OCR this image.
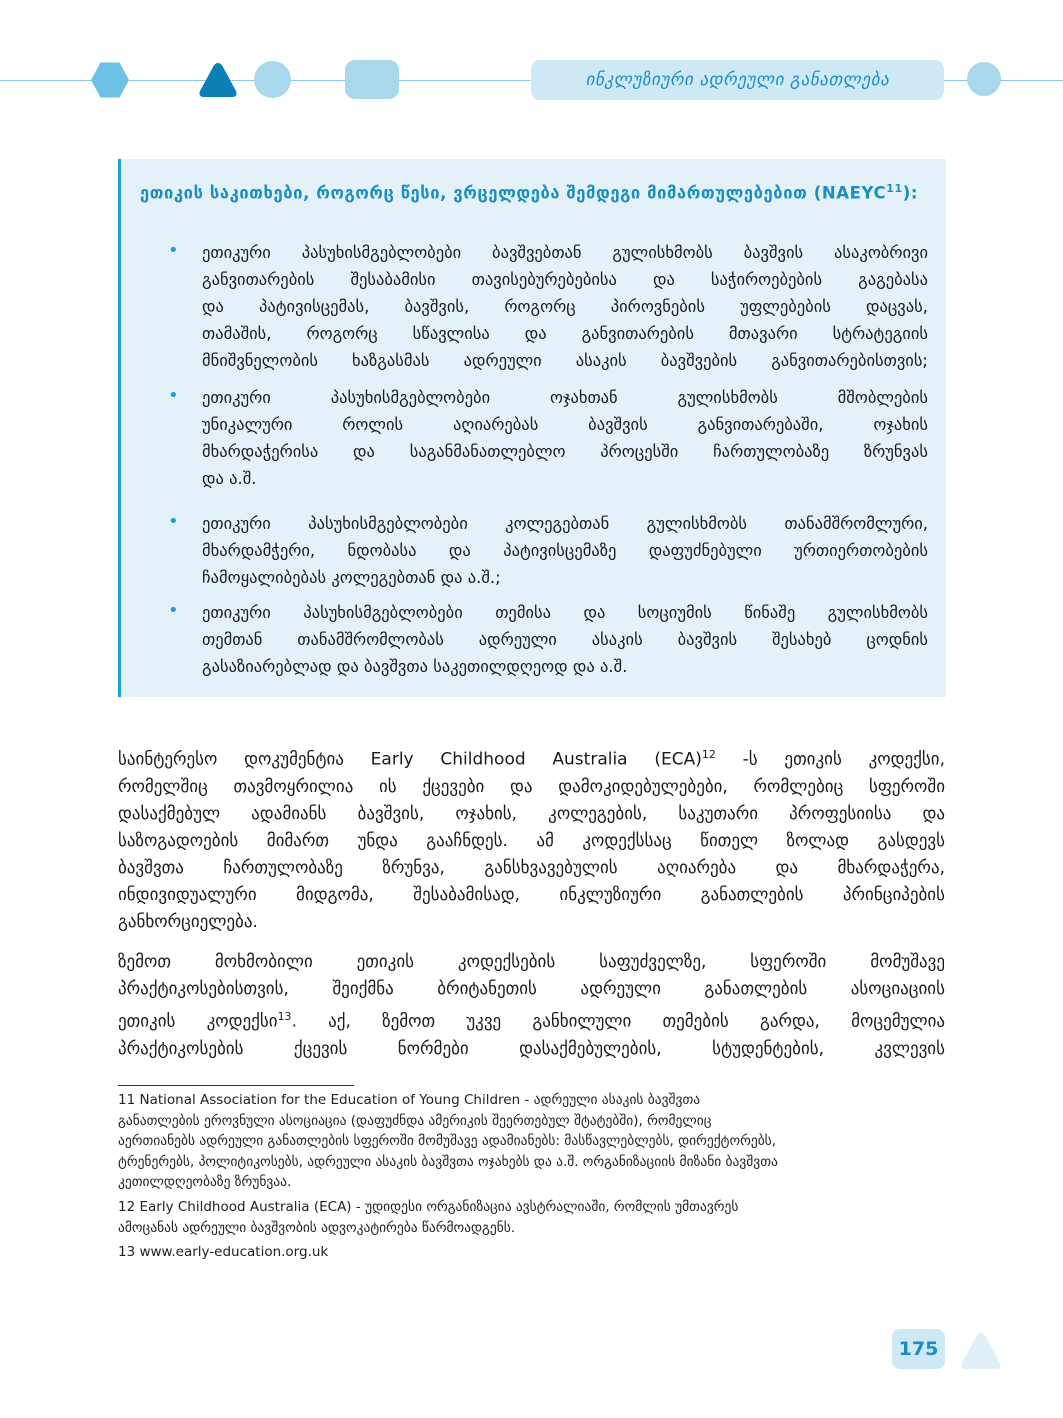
ინკლუზიური ადრეული განათლება
ეთიკის საკითხები, როგორც წესი, ვრცელდება შემდეგი მიმართულებებით (NAEYC$^{11}$):
• ეთიკური პასუხისმგებლობები ბავშვებთან გულისხმობს ბავშვის ასაკობრივი
განვითარების შესაბამისი თავისებურებებისა და საჭიროებების გაგებასა
და პატივისცემას, ბავშვის, როგორც პიროვნების უფლებების დაცვას,
თამაშის, როგორც სწავლისა და განვითარების მთავარი სტრატეგიის
მნიშვნელობის ხაზგასმას ადრეული ასაკის ბავშვების განვითარებისთვის;
• ეთიკური პასუხისმგებლობები ოჯახთან გულისხმობს მშობლების
უნიკალური როლის აღიარებას ბავშვის განვითარებაში, ოჯახის
მხარდაჭერისა და საგანმანათლებლო პროცესში ჩართულობაზე ზრუნვას
და ა.შ.
• ეთიკური პასუხისმგებლობები კოლეგებთან გულისხმობს თანამშრომლური,
მხარდამჭერი, ნდობასა და პატივისცემაზე დაფუძნებული ურთიერთობების
ჩამოყალიბებას კოლეგებთან და ა.შ.;
• ეთიკური პასუხისმგებლობები თემისა და სოციუმის წინაშე გულისხმობს
თემთან თანამშრომლობას ადრეული ასაკის ბავშვის შესახებ ცოდნის
გასაზიარებლად და ბავშვთა საკეთილდღეოდ და ა.შ.
საინტერესო დოკუმენტია Early Childhood Australia (ECA)$^{12}$ -ს ეთიკის კოდექსი,
რომელშიც თავმოყრილია ის ქცევები და დამოკიდებულებები, რომლებიც სფეროში
დასაქმებულ ადამიანს ბავშვის, ოჯახის, კოლეგების, საკუთარი პროფესიისა და
საზოგადოების მიმართ უნდა გააჩნდეს. ამ კოდექსსაც წითელ ზოლად გასდევს
ბავშვთა ჩართულობაზე ზრუნვა, განსხვავებულის აღიარება და მხარდაჭერა,
ინდივიდუალური მიდგომა, შესაბამისად, ინკლუზიური განათლების პრინციპების
განხორციელება.
ზემოთ მოხმობილი ეთიკის კოდექსების საფუძველზე, სფეროში მომუშავე
პრაქტიკოსებისთვის, შეიქმნა ბრიტანეთის ადრეული განათლების ასოციაციის
ეთიკის კოდექსი$^{13}$. აქ, ზემოთ უკვე განხილული თემების გარდა, მოცემულია
პრაქტიკოსების ქცევის ნორმები დასაქმებულების, სტუდენტების, კვლევის
11 National Association for the Education of Young Children - ადრეული ასაკის ბავშვთა
განათლების ეროვნული ასოციაცია (დაფუძნდა ამერიკის შეერთებულ შტატებში), რომელიც
აერთიანებს ადრეული განათლების სფეროში მომუშავე ადამიანებს: მასწავლებლებს, დირექტორებს,
ტრენერებს, პოლიტიკოსებს, ადრეული ასაკის ბავშვთა ოჯახებს და ა.შ. ორგანიზაციის მიზანი ბავშვთა
კეთილდღეობაზე ზრუნვაა.
12 Early Childhood Australia (ECA) - უდიდესი ორგანიზაცია ავსტრალიაში, რომლის უმთავრეს
ამოცანას ადრეული ბავშვობის ადვოკატირება წარმოადგენს.
13 www.early-education.org.uk
175
